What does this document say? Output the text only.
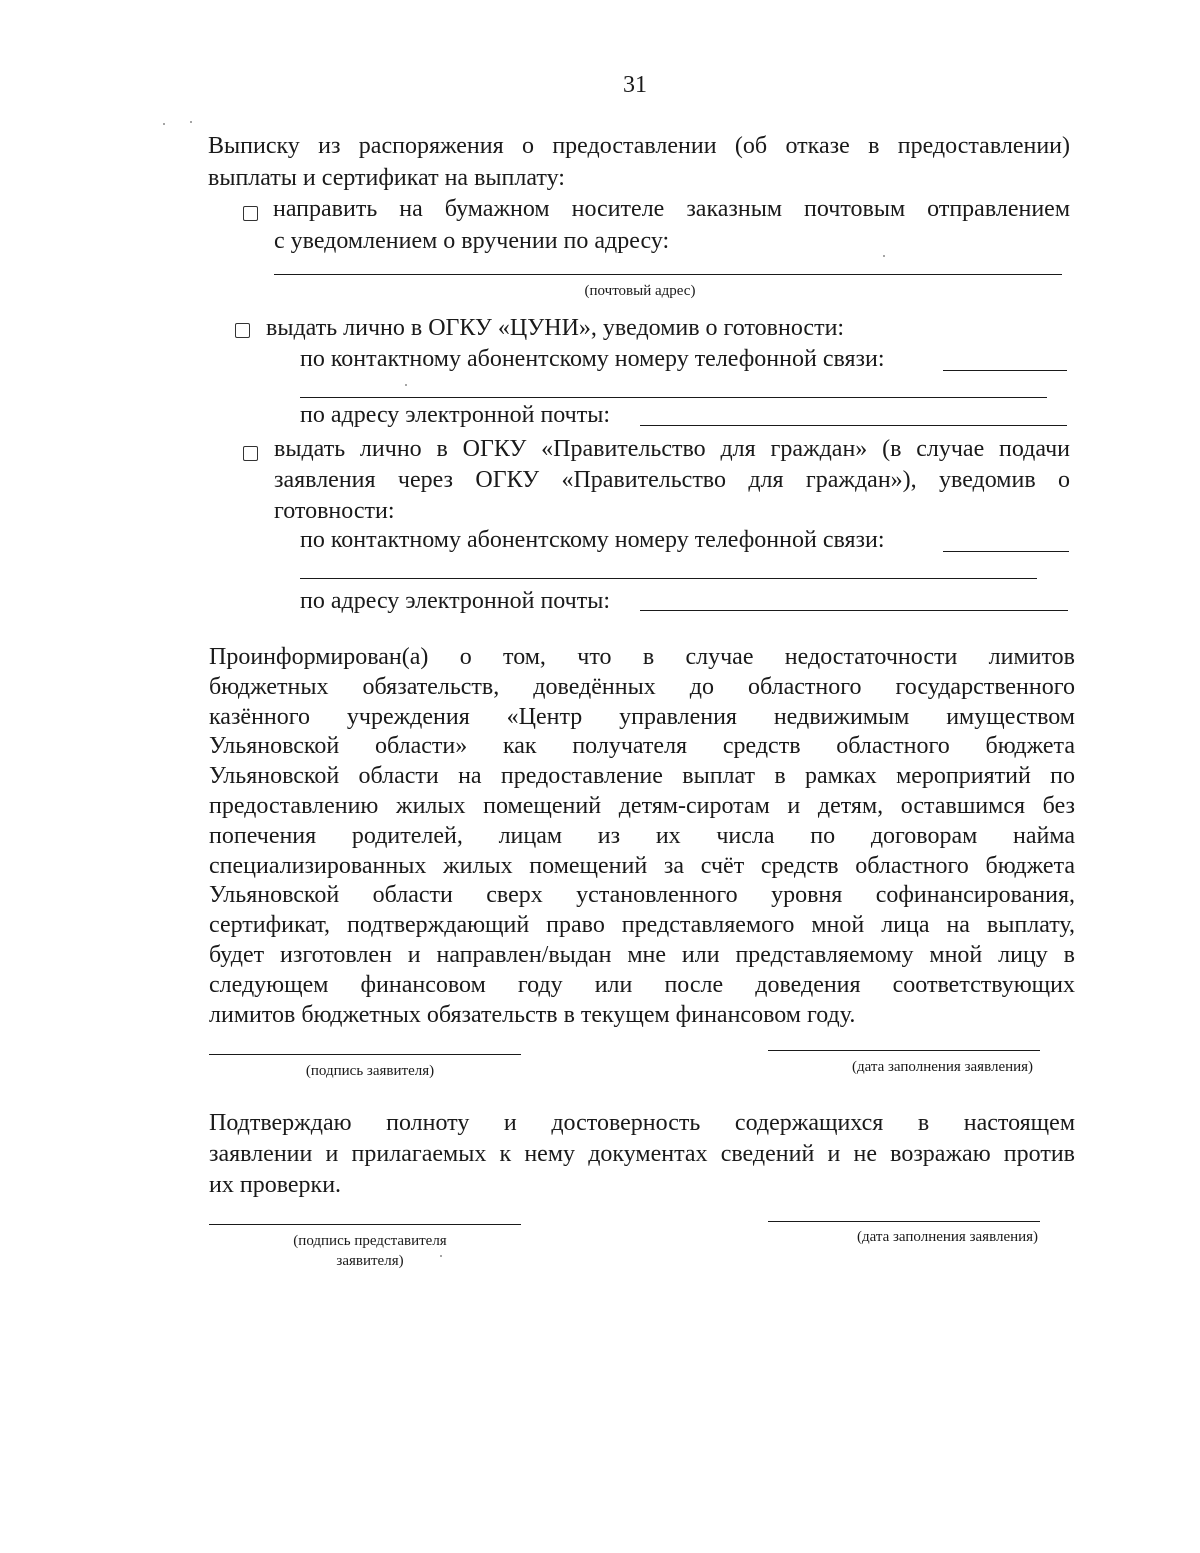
31
Выписку из распоряжения о предоставлении (об отказе в предоставлении)
выплаты и сертификат на выплату:
направить на бумажном носителе заказным почтовым отправлением
с уведомлением о вручении по адресу:
(почтовый адрес)
выдать лично в ОГКУ «ЦУНИ», уведомив о готовности:
по контактному абонентскому номеру телефонной связи:
по адресу электронной почты:
выдать лично в ОГКУ «Правительство для граждан» (в случае подачи
заявления через ОГКУ «Правительство для граждан»), уведомив о
готовности:
по контактному абонентскому номеру телефонной связи:
по адресу электронной почты:
Проинформирован(а) о том, что в случае недостаточности лимитов
бюджетных обязательств, доведённых до областного государственного
казённого учреждения «Центр управления недвижимым имуществом
Ульяновской области» как получателя средств областного бюджета
Ульяновской области на предоставление выплат в рамках мероприятий по
предоставлению жилых помещений детям-сиротам и детям, оставшимся без
попечения родителей, лицам из их числа по договорам найма
специализированных жилых помещений за счёт средств областного бюджета
Ульяновской области сверх установленного уровня софинансирования,
сертификат, подтверждающий право представляемого мной лица на выплату,
будет изготовлен и направлен/выдан мне или представляемому мной лицу в
следующем финансовом году или после доведения соответствующих
лимитов бюджетных обязательств в текущем финансовом году.
(подпись заявителя)	(дата заполнения заявления)
Подтверждаю полноту и достоверность содержащихся в настоящем
заявлении и прилагаемых к нему документах сведений и не возражаю против
их проверки.
(подпись представителя
заявителя)
(дата заполнения заявления)
